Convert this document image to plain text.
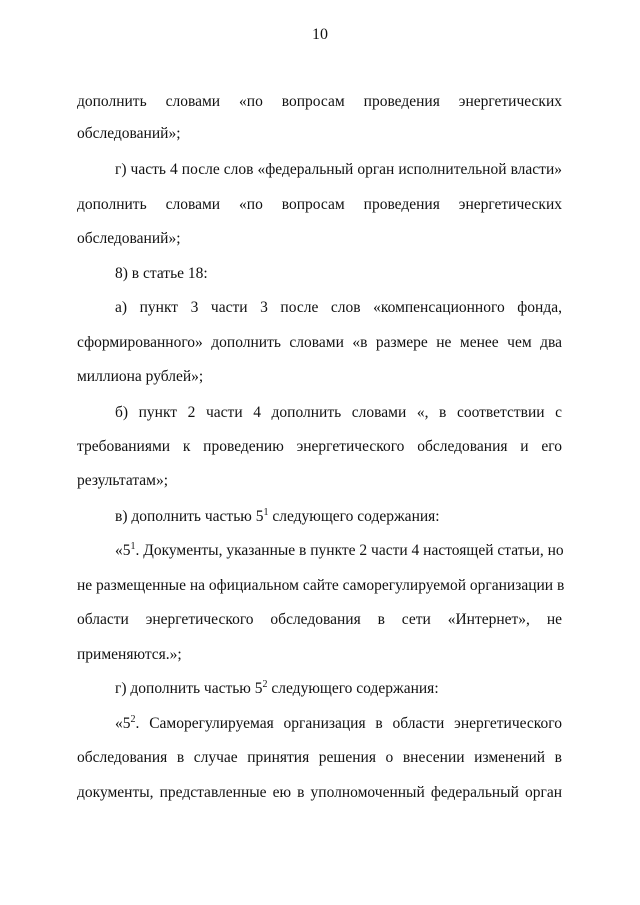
10
дополнить словами «по вопросам проведения энергетических
обследований»;
г) часть 4 после слов «федеральный орган исполнительной власти»
дополнить словами «по вопросам проведения энергетических
обследований»;
8) в статье 18:
а) пункт 3 части 3 после слов «компенсационного фонда,
сформированного» дополнить словами «в размере не менее чем два
миллиона рублей»;
б) пункт 2 части 4 дополнить словами «, в соответствии с
требованиями к проведению энергетического обследования и его
результатам»;
в) дополнить частью $5^1$ следующего содержания:
«$5^1$. Документы, указанные в пункте 2 части 4 настоящей статьи, но
не размещенные на официальном сайте саморегулируемой организации в
области энергетического обследования в сети «Интернет», не
применяются.»;
г) дополнить частью $5^2$ следующего содержания:
«$5^2$. Саморегулируемая организация в области энергетического
обследования в случае принятия решения о внесении изменений в
документы, представленные ею в уполномоченный федеральный орган
